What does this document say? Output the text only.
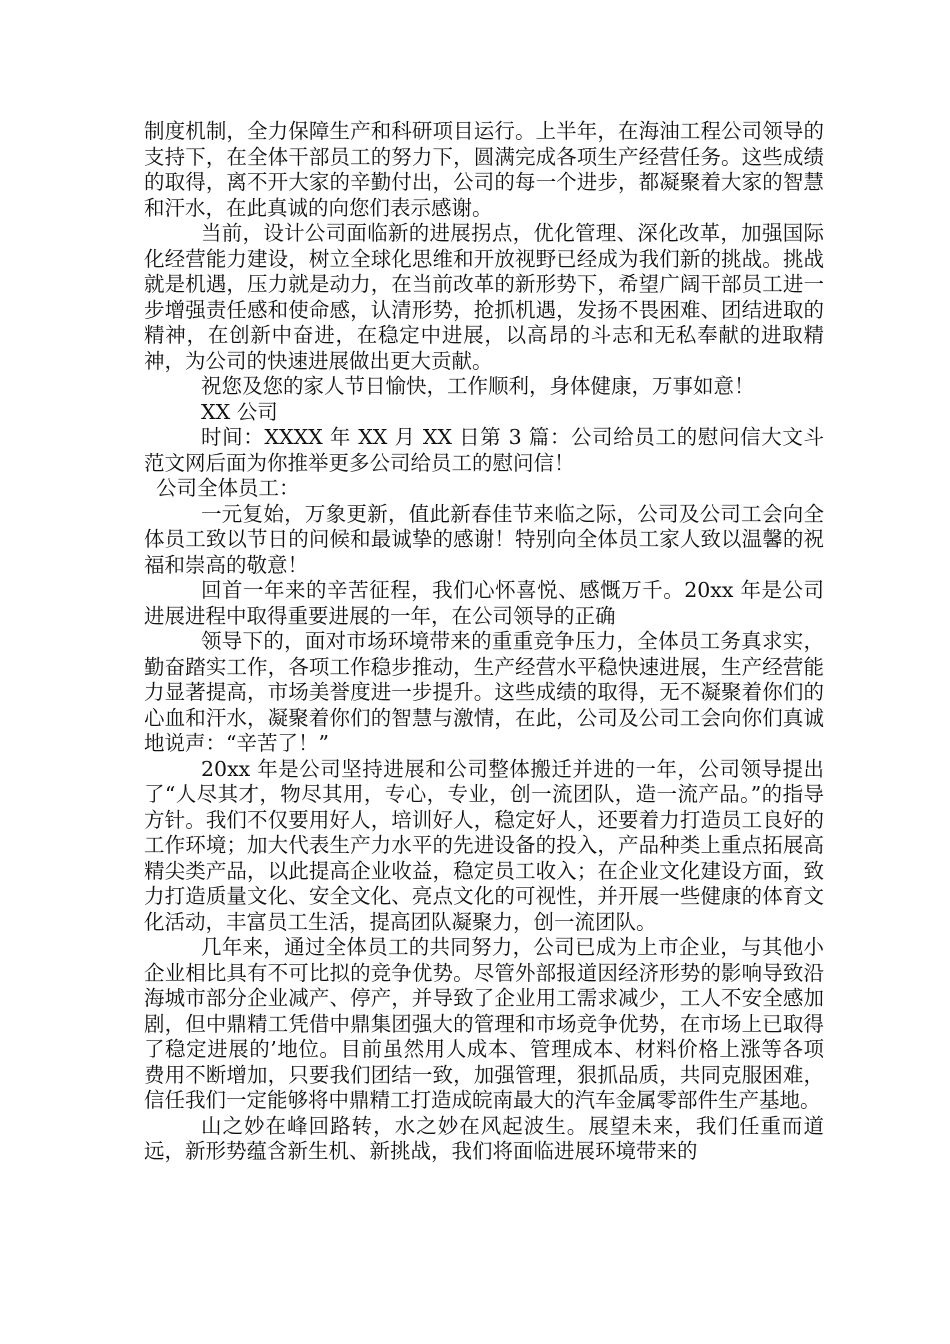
制度机制，全力保障生产和科研项目运行。上半年，在海油工程公司领导的支持下，在全体干部员工的努力下，圆满完成各项生产经营任务。这些成绩的取得，离不开大家的辛勤付出，公司的每一个进步，都凝聚着大家的智慧和汗水，在此真诚的向您们表示感谢。

当前，设计公司面临新的进展拐点，优化管理、深化改革，加强国际化经营能力建设，树立全球化思维和开放视野已经成为我们新的挑战。挑战就是机遇，压力就是动力，在当前改革的新形势下，希望广阔干部员工进一步增强责任感和使命感，认清形势，抢抓机遇，发扬不畏困难、团结进取的精神，在创新中奋进，在稳定中进展，以高昂的斗志和无私奉献的进取精神，为公司的快速进展做出更大贡献。

祝您及您的家人节日愉快，工作顺利，身体健康，万事如意！

XX 公司

时间：XXXX 年 XX 月 XX 日第 3 篇：公司给员工的慰问信大文斗范文网后面为你推举更多公司给员工的慰问信！

公司全体员工：

一元复始，万象更新，值此新春佳节来临之际，公司及公司工会向全体员工致以节日的问候和最诚挚的感谢！特别向全体员工家人致以温馨的祝福和崇高的敬意！

回首一年来的辛苦征程，我们心怀喜悦、感慨万千。20xx 年是公司进展进程中取得重要进展的一年，在公司领导的正确

领导下的，面对市场环境带来的重重竞争压力，全体员工务真求实，勤奋踏实工作，各项工作稳步推动，生产经营水平稳快速进展，生产经营能力显著提高，市场美誉度进一步提升。这些成绩的取得，无不凝聚着你们的心血和汗水，凝聚着你们的智慧与激情，在此，公司及公司工会向你们真诚地说声：“辛苦了！”

20xx 年是公司坚持进展和公司整体搬迁并进的一年，公司领导提出了“人尽其才，物尽其用，专心，专业，创一流团队，造一流产品。”的指导方针。我们不仅要用好人，培训好人，稳定好人，还要着力打造员工良好的工作环境；加大代表生产力水平的先进设备的投入，产品种类上重点拓展高精尖类产品，以此提高企业收益，稳定员工收入；在企业文化建设方面，致力打造质量文化、安全文化、亮点文化的可视性，并开展一些健康的体育文化活动，丰富员工生活，提高团队凝聚力，创一流团队。

几年来，通过全体员工的共同努力，公司已成为上市企业，与其他小企业相比具有不可比拟的竞争优势。尽管外部报道因经济形势的影响导致沿海城市部分企业减产、停产，并导致了企业用工需求减少，工人不安全感加剧，但中鼎精工凭借中鼎集团强大的管理和市场竞争优势，在市场上已取得了稳定进展的’地位。目前虽然用人成本、管理成本、材料价格上涨等各项费用不断增加，只要我们团结一致，加强管理，狠抓品质，共同克服困难，信任我们一定能够将中鼎精工打造成皖南最大的汽车金属零部件生产基地。

山之妙在峰回路转，水之妙在风起波生。展望未来，我们任重而道远，新形势蕴含新生机、新挑战，我们将面临进展环境带来的
